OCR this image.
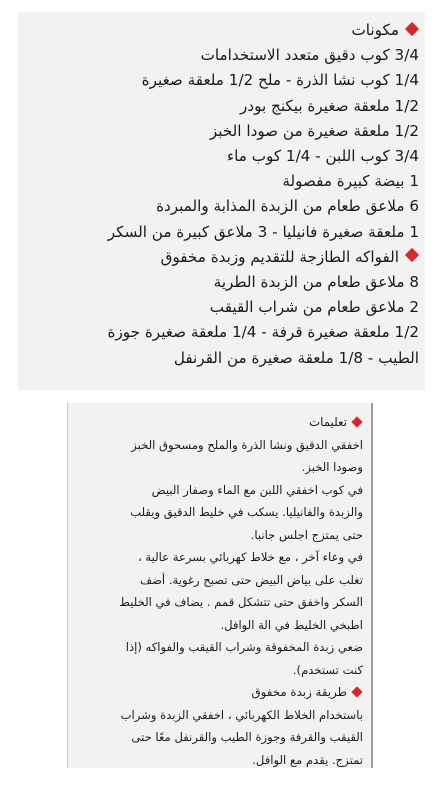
مكونات
3/4 كوب دقيق متعدد الاستخدامات
1/4 كوب نشا الذرة - ملح 1/2 ملعقة صغيرة
1/2 ملعقة صغيرة بيكنج بودر
1/2 ملعقة صغيرة من صودا الخبز
3/4 كوب اللبن - 1/4 كوب ماء
1 بيضة كبيرة مفصولة
6 ملاعق طعام من الزبدة المذابة والمبردة
1 ملعقة صغيرة فانيليا - 3 ملاعق كبيرة من السكر
الفواكه الطازجة للتقديم وزبدة مخفوق
8 ملاعق طعام من الزبدة الطرية
2 ملاعق طعام من شراب القيقب
1/2 ملعقة صغيرة قرفة - 1/4 ملعقة صغيرة جوزة
الطيب - 1/8 ملعقة صغيرة من القرنفل
تعليمات
اخفقي الدقيق ونشا الذرة والملح ومسحوق الخبز
وصودا الخبز.
في كوب اخفقي اللبن مع الماء وصفار البيض
والزبدة والفانيليا. يسكب في خليط الدقيق ويقلب
حتى يمتزج اجلس جانبا.
في وعاء آخر ، مع خلاط كهربائي بسرعة عالية ،
تغلب على بياض البيض حتى تصبح رغوية. أضف
السكر واخفق حتى تتشكل قمم . يضاف في الخليط
اطبخي الخليط في الة الوافل.
ضعي زبدة المخفوقة وشراب القيقب والفواكه (إذا
كنت تستخدم).
طريقة زبدة مخفوق
باستخدام الخلاط الكهربائي ، اخفقي الزبدة وشراب
القيقب والقرفة وجوزة الطيب والقرنفل معًا حتى
تمتزج. يقدم مع الوافل.
